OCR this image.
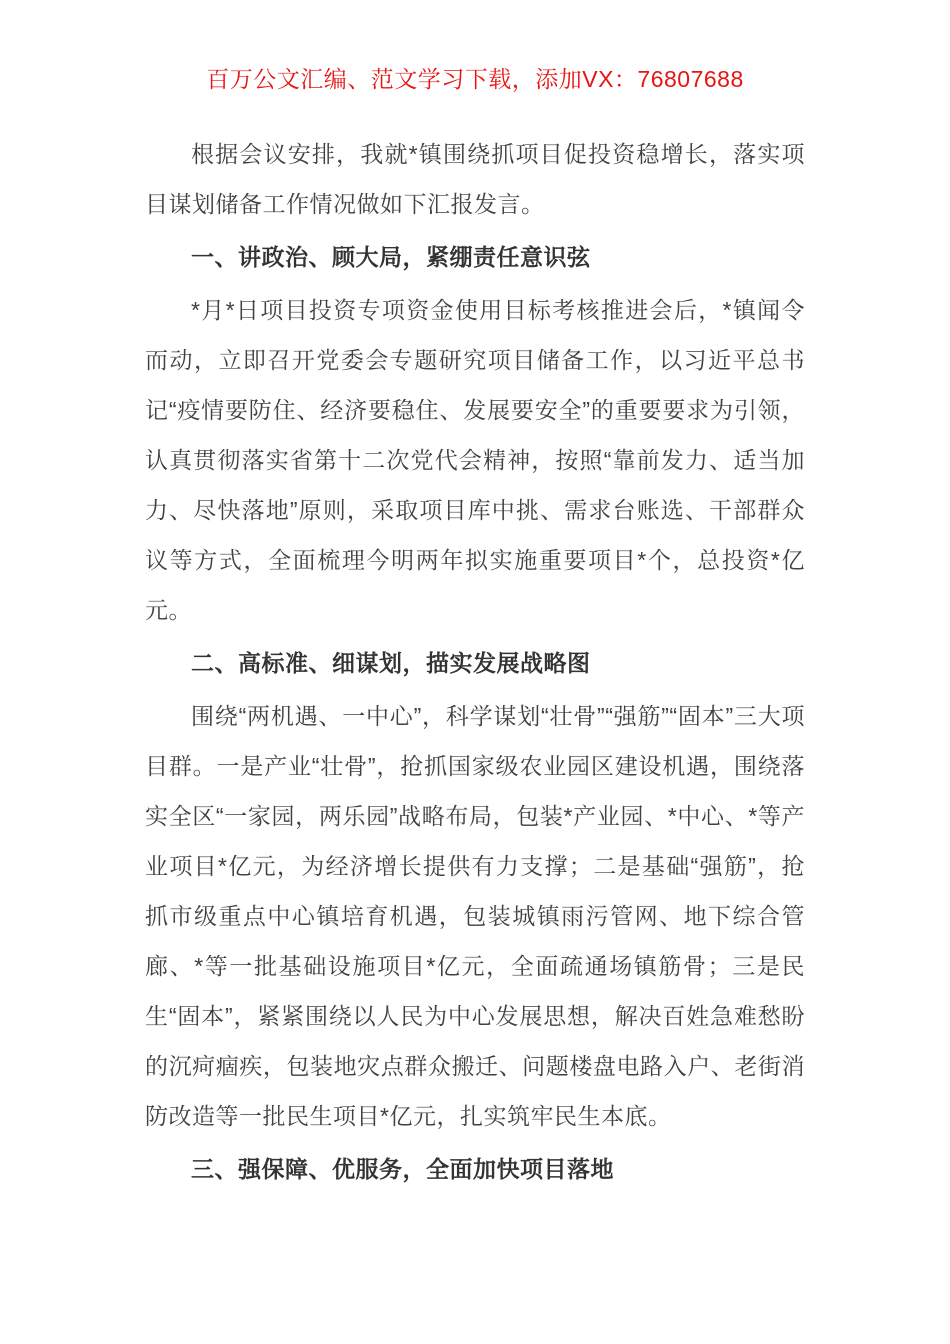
百万公文汇编、范文学习下载，添加VX：76807688

根据会议安排，我就*镇围绕抓项目促投资稳增长，落实项目谋划储备工作情况做如下汇报发言。

一、讲政治、顾大局，紧绷责任意识弦

*月*日项目投资专项资金使用目标考核推进会后，*镇闻令而动，立即召开党委会专题研究项目储备工作，以习近平总书记“疫情要防住、经济要稳住、发展要安全”的重要要求为引领，认真贯彻落实省第十二次党代会精神，按照“靠前发力、适当加力、尽快落地”原则，采取项目库中挑、需求台账选、干部群众议等方式，全面梳理今明两年拟实施重要项目*个，总投资*亿元。

二、高标准、细谋划，描实发展战略图

围绕“两机遇、一中心”，科学谋划“壮骨”“强筋”“固本”三大项目群。一是产业“壮骨”，抢抓国家级农业园区建设机遇，围绕落实全区“一家园，两乐园”战略布局，包装*产业园、*中心、*等产业项目*亿元，为经济增长提供有力支撑；二是基础“强筋”，抢抓市级重点中心镇培育机遇，包装城镇雨污管网、地下综合管廊、*等一批基础设施项目*亿元，全面疏通场镇筋骨；三是民生“固本”，紧紧围绕以人民为中心发展思想，解决百姓急难愁盼的沉疴痼疾，包装地灾点群众搬迁、问题楼盘电路入户、老街消防改造等一批民生项目*亿元，扎实筑牢民生本底。

三、强保障、优服务，全面加快项目落地
